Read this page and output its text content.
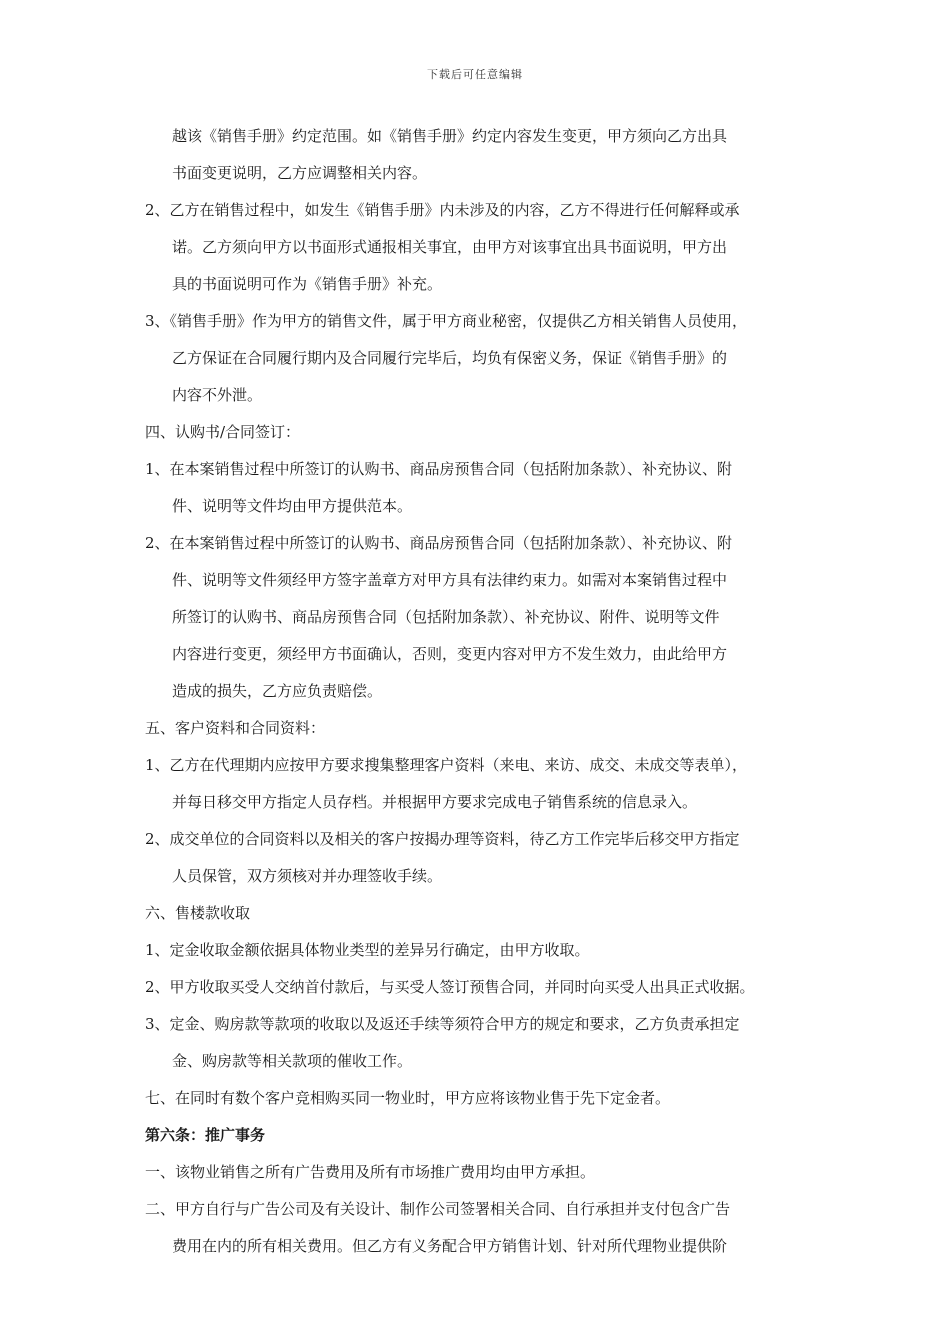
下载后可任意编辑
越该《销售手册》约定范围。如《销售手册》约定内容发生变更，甲方须向乙方出具
书面变更说明，乙方应调整相关内容。
2、乙方在销售过程中，如发生《销售手册》内未涉及的内容，乙方不得进行任何解释或承
诺。乙方须向甲方以书面形式通报相关事宜，由甲方对该事宜出具书面说明，甲方出
具的书面说明可作为《销售手册》补充。
3、《销售手册》作为甲方的销售文件，属于甲方商业秘密，仅提供乙方相关销售人员使用，
乙方保证在合同履行期内及合同履行完毕后，均负有保密义务，保证《销售手册》的
内容不外泄。
四、认购书/合同签订：
1、在本案销售过程中所签订的认购书、商品房预售合同（包括附加条款）、补充协议、附
件、说明等文件均由甲方提供范本。
2、在本案销售过程中所签订的认购书、商品房预售合同（包括附加条款）、补充协议、附
件、说明等文件须经甲方签字盖章方对甲方具有法律约束力。如需对本案销售过程中
所签订的认购书、商品房预售合同（包括附加条款）、补充协议、附件、说明等文件
内容进行变更，须经甲方书面确认，否则，变更内容对甲方不发生效力，由此给甲方
造成的损失，乙方应负责赔偿。
五、客户资料和合同资料：
1、乙方在代理期内应按甲方要求搜集整理客户资料（来电、来访、成交、未成交等表单），
并每日移交甲方指定人员存档。并根据甲方要求完成电子销售系统的信息录入。
2、成交单位的合同资料以及相关的客户按揭办理等资料，待乙方工作完毕后移交甲方指定
人员保管，双方须核对并办理签收手续。
六、售楼款收取
1、定金收取金额依据具体物业类型的差异另行确定，由甲方收取。
2、甲方收取买受人交纳首付款后，与买受人签订预售合同，并同时向买受人出具正式收据。
3、定金、购房款等款项的收取以及返还手续等须符合甲方的规定和要求，乙方负责承担定
金、购房款等相关款项的催收工作。
七、在同时有数个客户竞相购买同一物业时，甲方应将该物业售于先下定金者。
第六条：推广事务
一、该物业销售之所有广告费用及所有市场推广费用均由甲方承担。
二、甲方自行与广告公司及有关设计、制作公司签署相关合同、自行承担并支付包含广告
费用在内的所有相关费用。但乙方有义务配合甲方销售计划、针对所代理物业提供阶
